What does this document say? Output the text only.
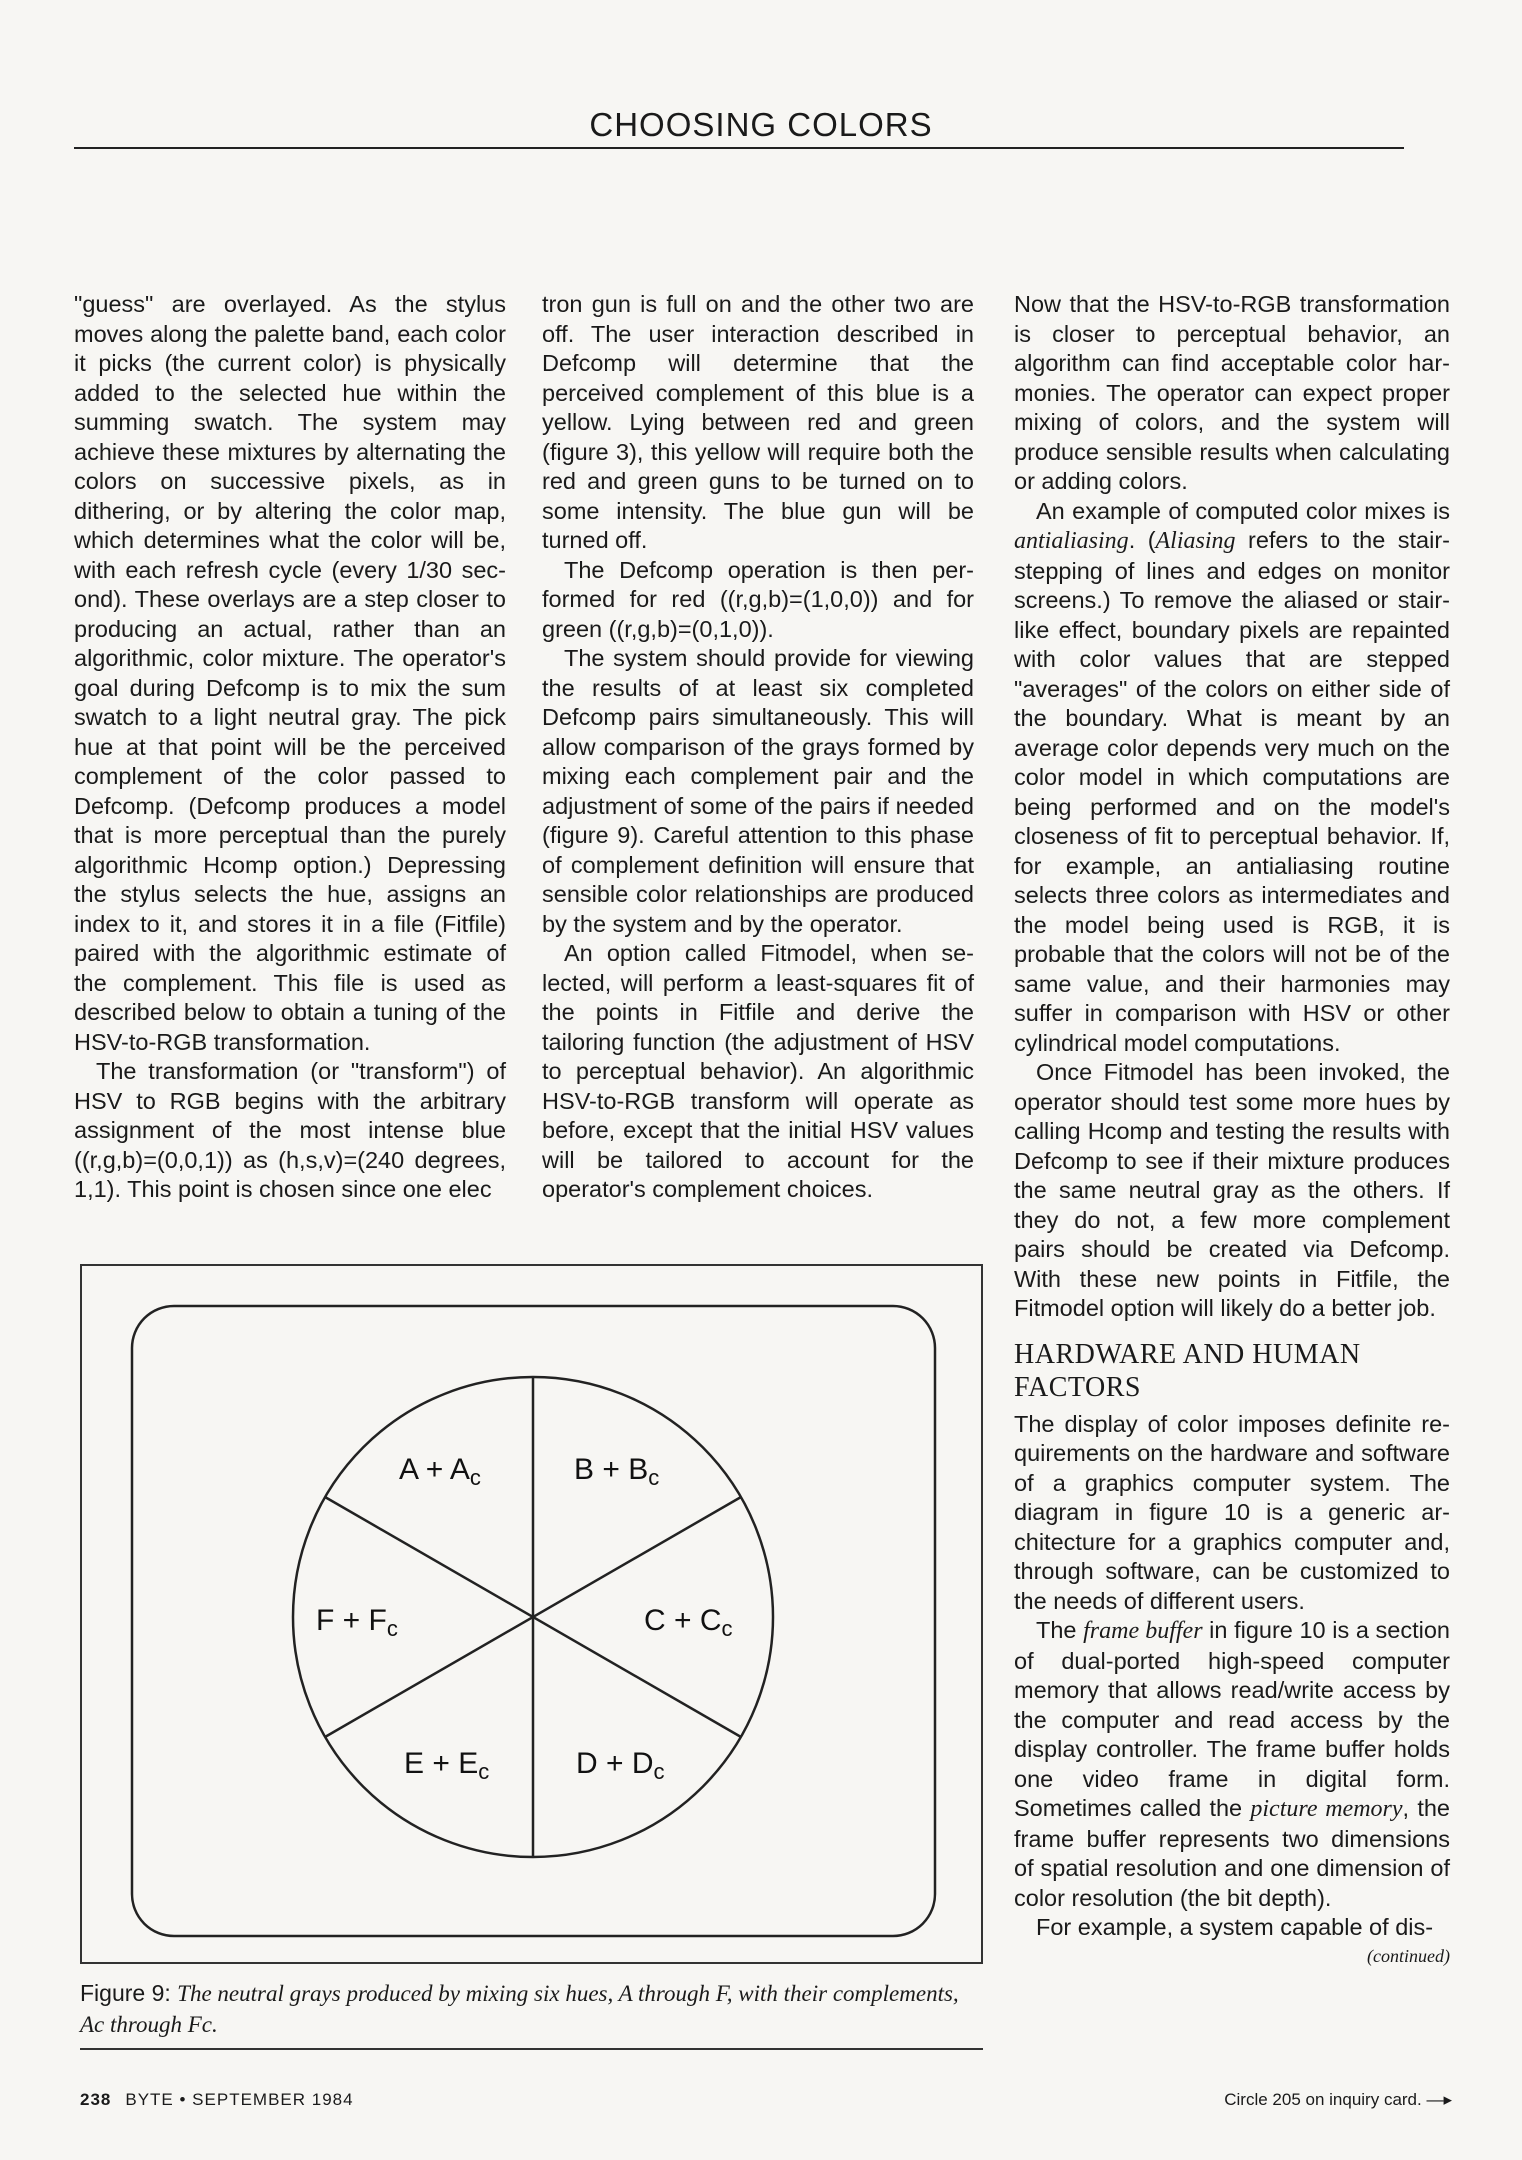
CHOOSING COLORS

"guess" are overlayed. As the stylus moves along the palette band, each color it picks (the current color) is physically added to the selected hue within the summing swatch. The system may achieve these mixtures by alternating the colors on successive pixels, as in dithering, or by altering the color map, which determines what the color will be, with each refresh cycle (every 1/30 second). These overlays are a step closer to producing an actual, rather than an algorithmic, color mixture. The operator's goal during Defcomp is to mix the sum swatch to a light neutral gray. The pick hue at that point will be the perceived complement of the color passed to Defcomp. (Defcomp produces a model that is more perceptual than the purely algorithmic Hcomp option.) Depressing the stylus selects the hue, assigns an index to it, and stores it in a file (Fitfile) paired with the algorithmic estimate of the complement. This file is used as described below to obtain a tuning of the HSV-to-RGB transformation.

The transformation (or "transform") of HSV to RGB begins with the arbitrary assignment of the most intense blue ((r,g,b)=(0,0,1)) as (h,s,v)=(240 degrees, 1,1). This point is chosen since one elec

tron gun is full on and the other two are off. The user interaction described in Defcomp will determine that the perceived complement of this blue is a yellow. Lying between red and green (figure 3), this yellow will require both the red and green guns to be turned on to some intensity. The blue gun will be turned off.

The Defcomp operation is then performed for red ((r,g,b)=(1,0,0)) and for green ((r,g,b)=(0,1,0)).

The system should provide for viewing the results of at least six completed Defcomp pairs simultaneously. This will allow comparison of the grays formed by mixing each complement pair and the adjustment of some of the pairs if needed (figure 9). Careful attention to this phase of complement definition will ensure that sensible color relationships are produced by the system and by the operator.

An option called Fitmodel, when selected, will perform a least-squares fit of the points in Fitfile and derive the tailoring function (the adjustment of HSV to perceptual behavior). An algorithmic HSV-to-RGB transform will operate as before, except that the initial HSV values will be tailored to account for the operator's complement choices.

Now that the HSV-to-RGB transformation is closer to perceptual behavior, an algorithm can find acceptable color harmonies. The operator can expect proper mixing of colors, and the system will produce sensible results when calculating or adding colors.

An example of computed color mixes is antialiasing. (Aliasing refers to the stairstepping of lines and edges on monitor screens.) To remove the aliased or stairlike effect, boundary pixels are repainted with color values that are stepped "averages" of the colors on either side of the boundary. What is meant by an average color depends very much on the color model in which computations are being performed and on the model's closeness of fit to perceptual behavior. If, for example, an antialiasing routine selects three colors as intermediates and the model being used is RGB, it is probable that the colors will not be of the same value, and their harmonies may suffer in comparison with HSV or other cylindrical model computations.

Once Fitmodel has been invoked, the operator should test some more hues by calling Hcomp and testing the results with Defcomp to see if their mixture produces the same neutral gray as the others. If they do not, a few more complement pairs should be created via Defcomp. With these new points in Fitfile, the Fitmodel option will likely do a better job.

HARDWARE AND HUMAN FACTORS

The display of color imposes definite requirements on the hardware and software of a graphics computer system. The diagram in figure 10 is a generic architecture for a graphics computer and, through software, can be customized to the needs of different users.

The frame buffer in figure 10 is a section of dual-ported high-speed computer memory that allows read/write access by the computer and read access by the display controller. The frame buffer holds one video frame in digital form. Sometimes called the picture memory, the frame buffer represents two dimensions of spatial resolution and one dimension of color resolution (the bit depth).

For example, a system capable of dis-

(continued)
$A + A_c$	$B + B_c$
$C + C_c$
$D + D_c$
$E + E_c$
$F + F_c$
Figure 9: The neutral grays produced by mixing six hues, A through F, with their complements, Ac through Fc.
238 BYTE • SEPTEMBER 1984	Circle 205 on inquiry card. —▸
